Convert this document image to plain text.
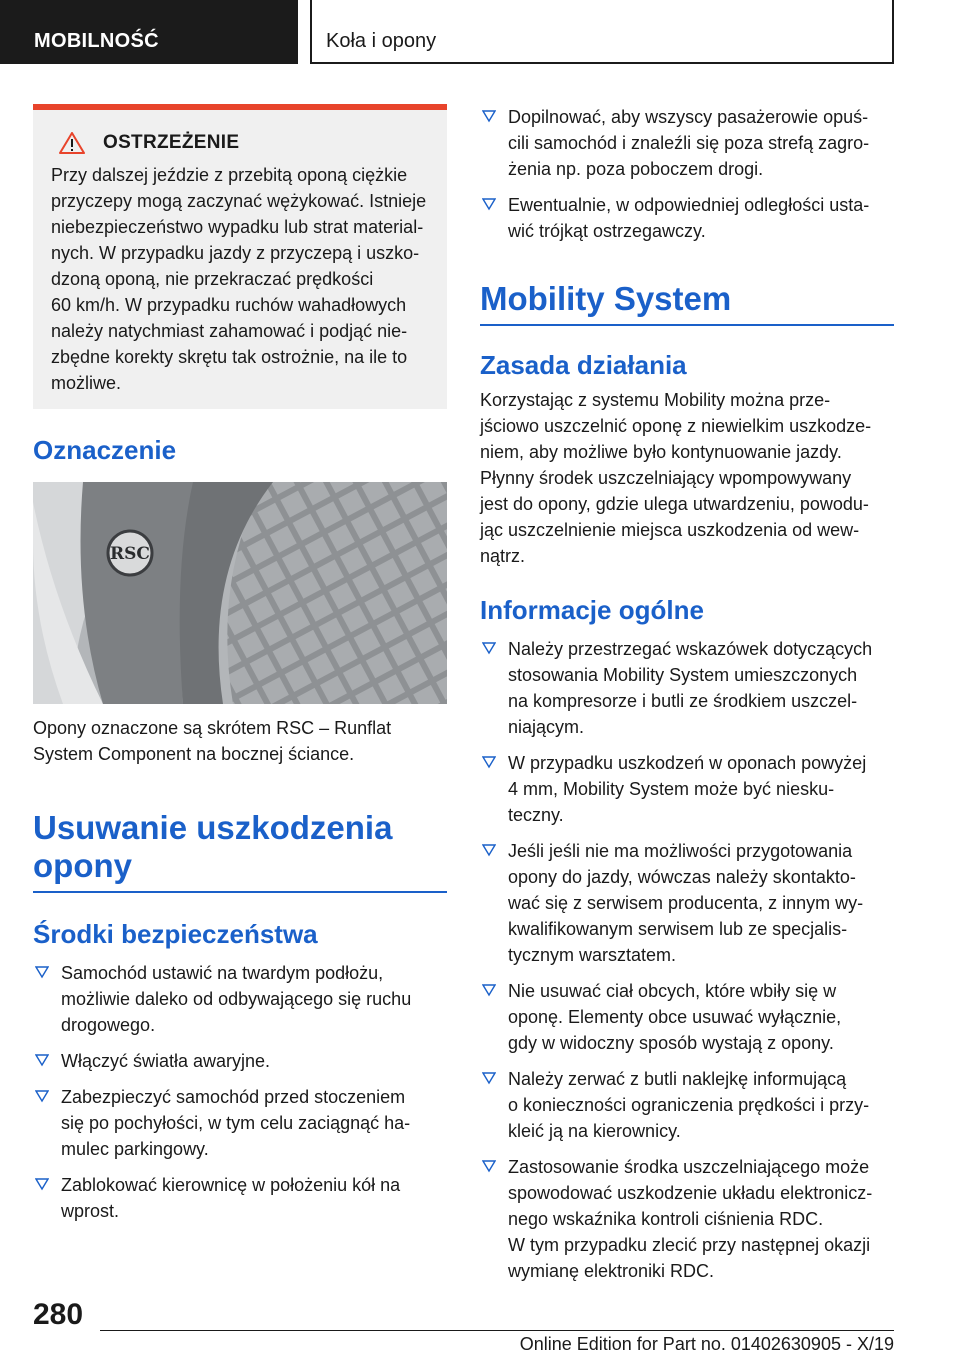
MOBILNOŚĆ	Koła i opony
OSTRZEŻENIE
Przy dalszej jeździe z przebitą oponą ciężkie
przyczepy mogą zaczynać wężykować. Istnieje
niebezpieczeństwo wypadku lub strat material-
nych. W przypadku jazdy z przyczepą i uszko-
dzoną oponą, nie przekraczać prędkości
60 km/h. W przypadku ruchów wahadłowych
należy natychmiast zahamować i podjąć nie-
zbędne korekty skrętu tak ostrożnie, na ile to
możliwe.
Oznaczenie
RSC
Opony oznaczone są skrótem RSC – Runflat
System Component na bocznej ściance.
Usuwanie uszkodzenia
opony
Środki bezpieczeństwa
Samochód ustawić na twardym podłożu,
możliwie daleko od odbywającego się ruchu
drogowego.
Włączyć światła awaryjne.
Zabezpieczyć samochód przed stoczeniem
się po pochyłości, w tym celu zaciągnąć ha-
mulec parkingowy.
Zablokować kierownicę w położeniu kół na
wprost.
Dopilnować, aby wszyscy pasażerowie opuś-
cili samochód i znaleźli się poza strefą zagro-
żenia np. poza poboczem drogi.
Ewentualnie, w odpowiedniej odległości usta-
wić trójkąt ostrzegawczy.
Mobility System
Zasada działania

Korzystając z systemu Mobility można prze-
jściowo uszczelnić oponę z niewielkim uszkodze-
niem, aby możliwe było kontynuowanie jazdy.
Płynny środek uszczelniający wpompowywany
jest do opony, gdzie ulega utwardzeniu, powodu-
jąc uszczelnienie miejsca uszkodzenia od wew-
nątrz.

Informacje ogólne
Należy przestrzegać wskazówek dotyczących
stosowania Mobility System umieszczonych
na kompresorze i butli ze środkiem uszczel-
niającym.
W przypadku uszkodzeń w oponach powyżej
4 mm, Mobility System może być niesku-
teczny.
Jeśli jeśli nie ma możliwości przygotowania
opony do jazdy, wówczas należy skontakto-
wać się z serwisem producenta, z innym wy-
kwalifikowanym serwisem lub ze specjalis-
tycznym warsztatem.
Nie usuwać ciał obcych, które wbiły się w
oponę. Elementy obce usuwać wyłącznie,
gdy w widoczny sposób wystają z opony.
Należy zerwać z butli naklejkę informującą
o konieczności ograniczenia prędkości i przy-
kleić ją na kierownicy.
Zastosowanie środka uszczelniającego może
spowodować uszkodzenie układu elektronicz-
nego wskaźnika kontroli ciśnienia RDC.
W tym przypadku zlecić przy następnej okazji
wymianę elektroniki RDC.
280
Online Edition for Part no. 01402630905 - X/19
